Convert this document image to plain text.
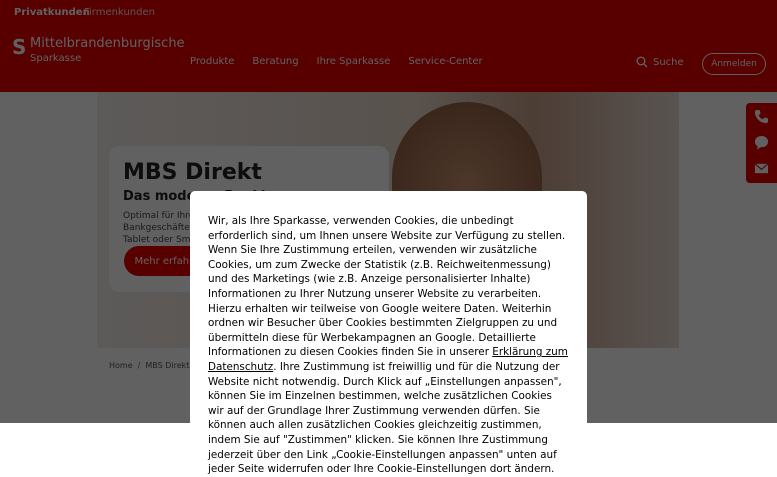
Wir, als Ihre Sparkasse, verwenden Cookies, die unbedingt erforderlich sind, um Ihnen unsere Website zur Verfügung zu stellen. Wenn Sie Ihre Zustimmung erteilen, verwenden wir zusätzliche Cookies, um zum Zwecke der Statistik (z.B. Reichweitenmessung) und des Marketings (wie z.B. Anzeige personalisierter Inhalte) Informationen zu Ihrer Nutzung unserer Website zu verarbeiten. Hierzu erhalten wir teilweise von Google weitere Daten. Weiterhin ordnen wir Besucher über Cookies bestimmten Zielgruppen zu und übermitteln diese für Werbekampagnen an Google. Detaillierte Informationen zu diesen Cookies finden Sie in unserer Erklärung zum Datenschutz. Ihre Zustimmung ist freiwillig und für die Nutzung der Website nicht notwendig. Durch Klick auf „Einstellungen anpassen", können Sie im Einzelnen bestimmen, welche zusätzlichen Cookies wir auf der Grundlage Ihrer Zustimmung verwenden dürfen. Sie können auch allen zusätzlichen Cookies gleichzeitig zustimmen, indem Sie auf "Zustimmen" klicken. Sie können Ihre Zustimmung jederzeit über den Link „Cookie-Einstellungen anpassen" unten auf jeder Seite widerrufen oder Ihre Cookie-Einstellungen dort ändern.
